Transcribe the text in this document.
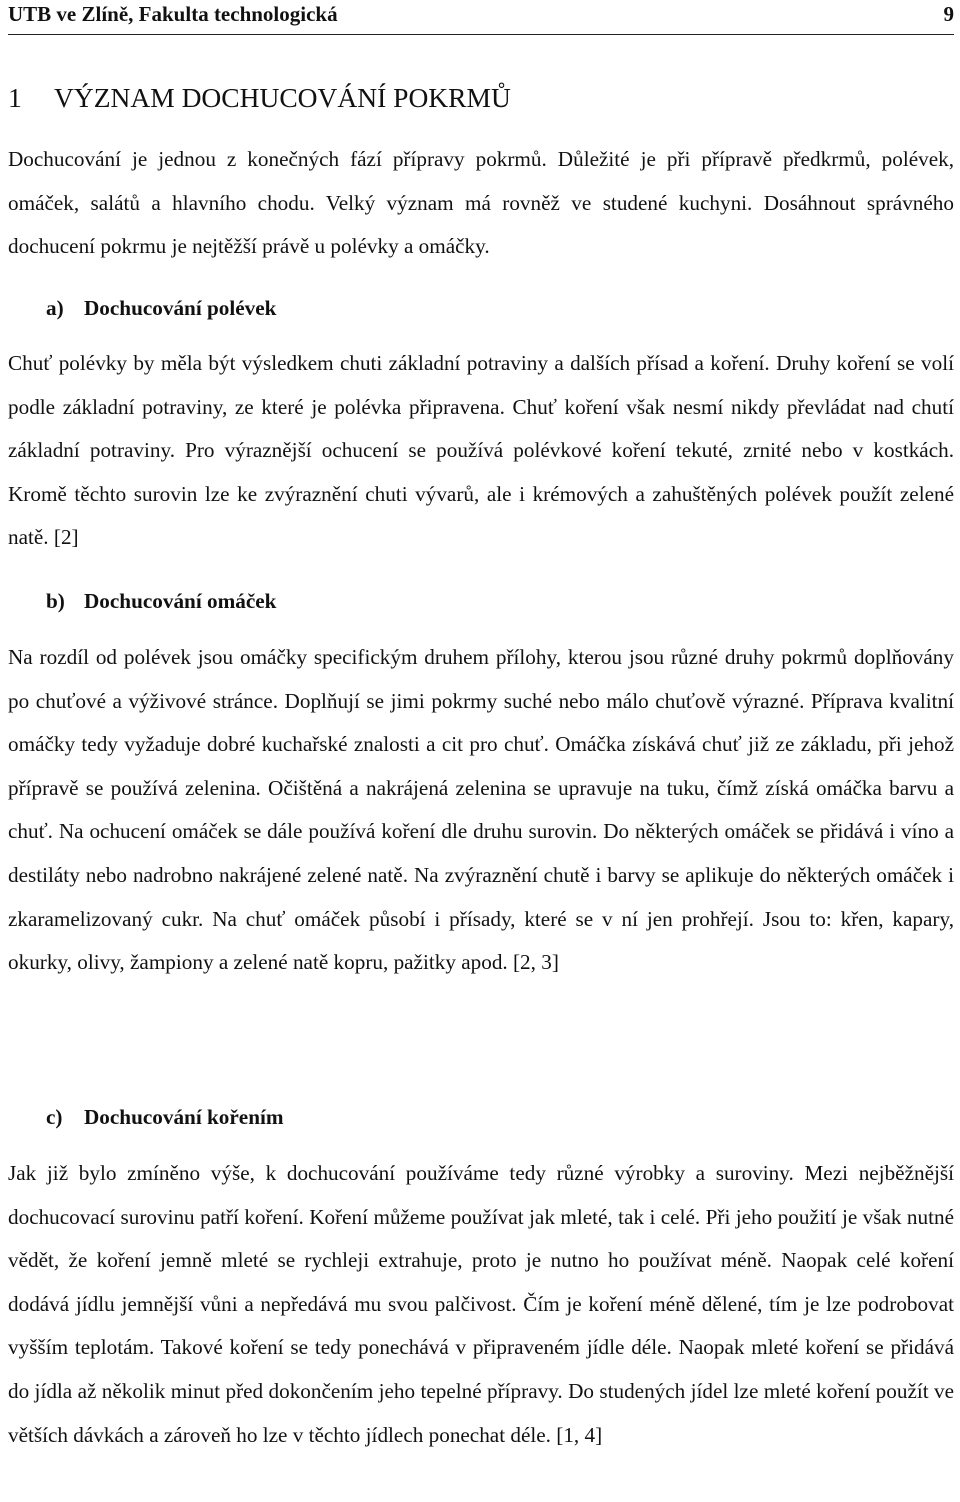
UTB ve Zlíně, Fakulta technologická	9
1 VÝZNAM DOCHUCOVÁNÍ POKRMŮ

Dochucování je jednou z konečných fází přípravy pokrmů. Důležité je při přípravě předkrmů, polévek, omáček, salátů a hlavního chodu. Velký význam má rovněž ve studené kuchyni. Dosáhnout správného dochucení pokrmu je nejtěžší právě u polévky a omáčky.

a) Dochucování polévek

Chuť polévky by měla být výsledkem chuti základní potraviny a dalších přísad a koření. Druhy koření se volí podle základní potraviny, ze které je polévka připravena. Chuť koření však nesmí nikdy převládat nad chutí základní potraviny. Pro výraznější ochucení se používá polévkové koření tekuté, zrnité nebo v kostkách. Kromě těchto surovin lze ke zvýraznění chuti vývarů, ale i krémových a zahuštěných polévek použít zelené natě. [2]

b) Dochucování omáček

Na rozdíl od polévek jsou omáčky specifickým druhem přílohy, kterou jsou různé druhy pokrmů doplňovány po chuťové a výživové stránce. Doplňují se jimi pokrmy suché nebo málo chuťově výrazné. Příprava kvalitní omáčky tedy vyžaduje dobré kuchařské znalosti a cit pro chuť. Omáčka získává chuť již ze základu, při jehož přípravě se používá zelenina. Očištěná a nakrájená zelenina se upravuje na tuku, čímž získá omáčka barvu a chuť. Na ochucení omáček se dále používá koření dle druhu surovin. Do některých omáček se přidává i víno a destiláty nebo nadrobno nakrájené zelené natě. Na zvýraznění chutě i barvy se aplikuje do některých omáček i zkaramelizovaný cukr. Na chuť omáček působí i přísady, které se v ní jen prohřejí. Jsou to: křen, kapary, okurky, olivy, žampiony a zelené natě kopru, pažitky apod. [2, 3]

c) Dochucování kořením

Jak již bylo zmíněno výše, k dochucování používáme tedy různé výrobky a suroviny. Mezi nejběžnější dochucovací surovinu patří koření. Koření můžeme používat jak mleté, tak i celé. Při jeho použití je však nutné vědět, že koření jemně mleté se rychleji extrahuje, proto je nutno ho používat méně. Naopak celé koření dodává jídlu jemnější vůni a nepředává mu svou palčivost. Čím je koření méně dělené, tím je lze podrobovat vyšším teplotám. Takové koření se tedy ponechává v připraveném jídle déle. Naopak mleté koření se přidává do jídla až několik minut před dokončením jeho tepelné přípravy. Do studených jídel lze mleté koření použít ve větších dávkách a zároveň ho lze v těchto jídlech ponechat déle. [1, 4]
